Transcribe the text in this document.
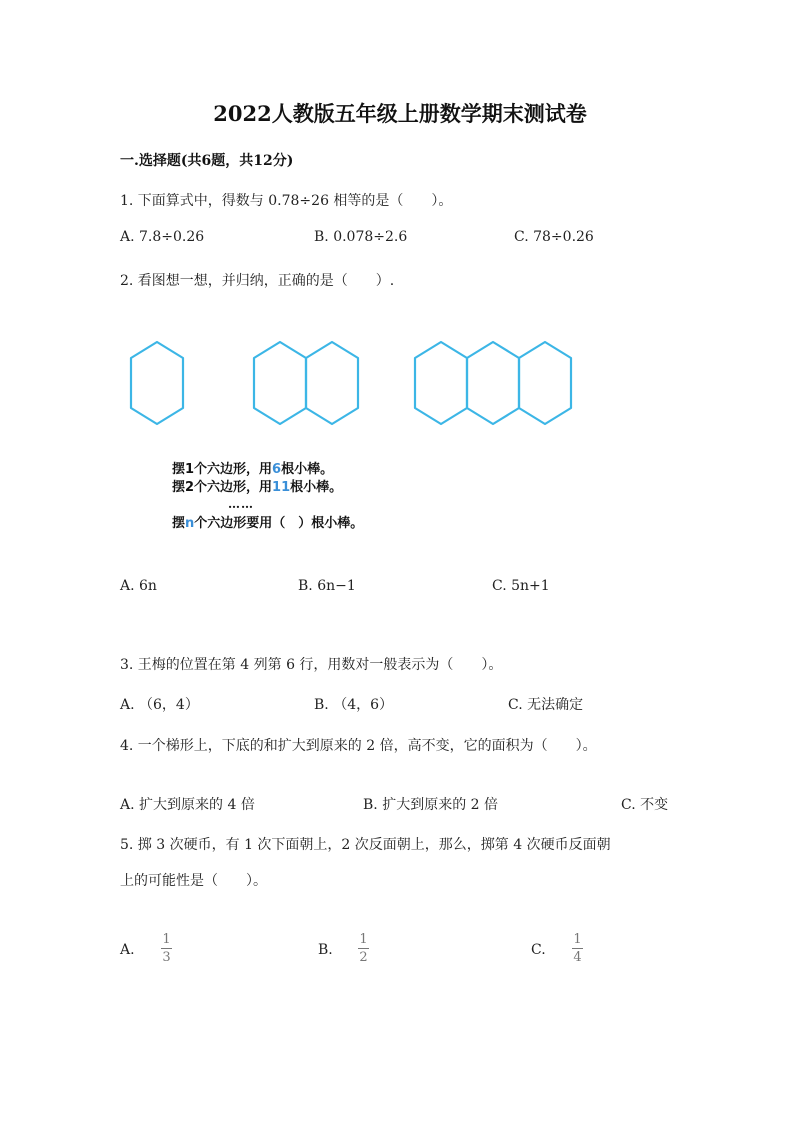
2022人教版五年级上册数学期末测试卷
一.选择题(共6题，共12分)
1. 下面算式中，得数与 0.78÷26 相等的是（　　）。
A. 7.8÷0.26	B. 0.078÷2.6	C. 78÷0.26
2. 看图想一想，并归纳，正确的是（　　）.
摆1个六边形，用6根小棒。
摆2个六边形，用11根小棒。
……
摆n个六边形要用（　）根小棒。
A. 6n	B. 6n−1	C. 5n+1
3. 王梅的位置在第 4 列第 6 行，用数对一般表示为（　　）。
A. （6，4）	B. （4，6）	C. 无法确定
4. 一个梯形上，下底的和扩大到原来的 2 倍，高不变，它的面积为（　　）。
A. 扩大到原来的 4 倍	B. 扩大到原来的 2 倍	C. 不变
5. 掷 3 次硬币，有 1 次下面朝上，2 次反面朝上，那么，掷第 4 次硬币反面朝
上的可能性是（　　）。
A.
1
3	B.
1
2	C.
1
4
